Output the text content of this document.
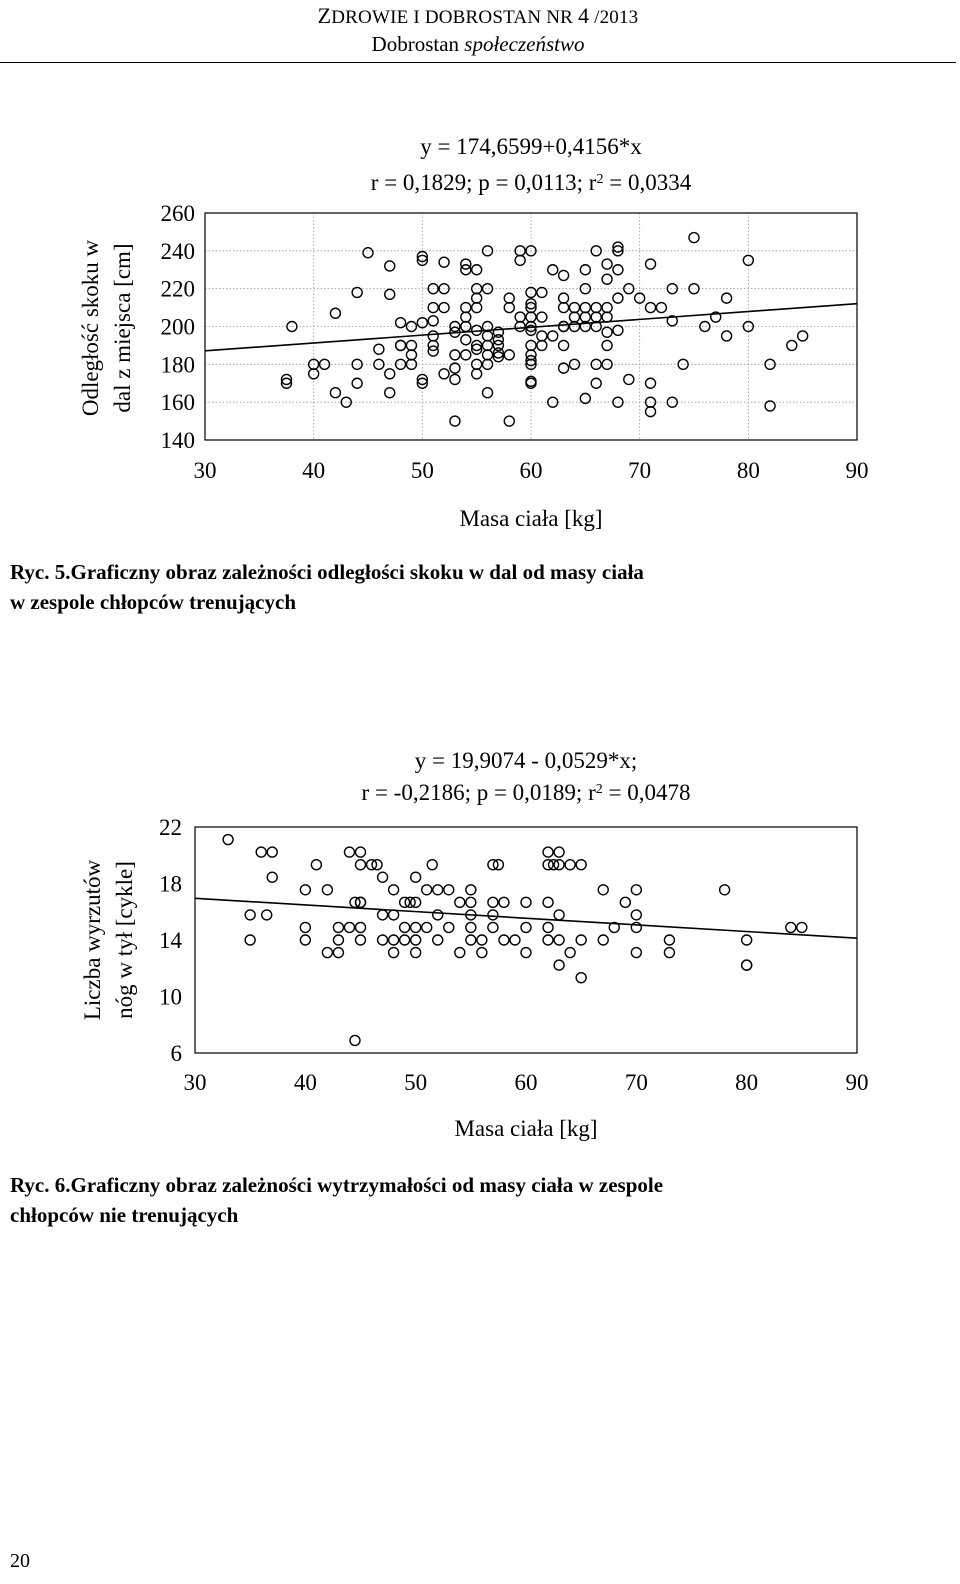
ZDROWIE I DOBROSTAN NR 4 /2013
Dobrostan społeczeństwo
y = 174,6599+0,4156*x
r = 0,1829; p = 0,0113; $r^2 = 0,0334$
30	40	50	60	70	80	90
140
160
180
200
220
240
260
Masa ciała [kg]
Odległość skoku w dal z miejsca [cm]
Ryc. 5.Graficzny obraz zależności odległości skoku w dal od masy ciała
w zespole chłopców trenujących
y = 19,9074 - 0,0529*x;
r = -0,2186; p = 0,0189; $r^2 = 0,0478$
30	40	50	60	70	80	90
6
10
14
18
22
Masa ciała [kg]
Liczba wyrzutów nóg w tył [cykle]
Ryc. 6.Graficzny obraz zależności wytrzymałości od masy ciała w zespole
chłopców nie trenujących
20
